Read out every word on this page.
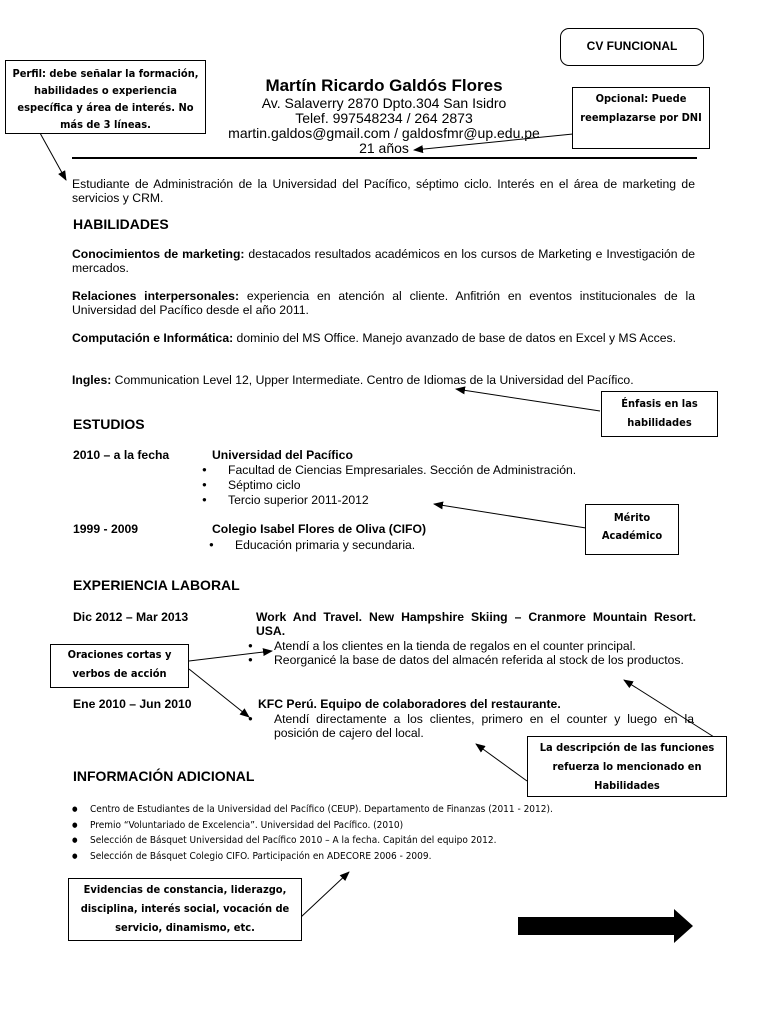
CV FUNCIONAL
Martín Ricardo Galdós Flores
Av. Salaverry 2870 Dpto.304 San Isidro
Telef. 997548234 / 264 2873
martin.galdos@gmail.com / galdosfmr@up.edu.pe
21 años
Perfil: debe señalar la formación, habilidades o experiencia específica y área de interés. No más de 3 líneas.
Opcional: Puede reemplazarse por DNI
Estudiante de Administración de la Universidad del Pacífico, séptimo ciclo. Interés en el área de marketing de servicios y CRM.
HABILIDADES
Conocimientos de marketing: destacados resultados académicos en los cursos de Marketing e Investigación de mercados.
Relaciones interpersonales: experiencia en atención al cliente. Anfitrión en eventos institucionales de la Universidad del Pacífico desde el año 2011.
Computación e Informática: dominio del MS Office. Manejo avanzado de base de datos en Excel y MS Acces.
Ingles: Communication Level 12, Upper Intermediate. Centro de Idiomas de la Universidad del Pacífico.
Énfasis en las habilidades
ESTUDIOS
2010 – a la fecha	Universidad del Pacífico
● Facultad de Ciencias Empresariales. Sección de Administración.
● Séptimo ciclo
● Tercio superior 2011-2012
1999 - 2009	Colegio Isabel Flores de Oliva (CIFO)
● Educación primaria y secundaria.
Mérito Académico
EXPERIENCIA LABORAL
Dic 2012 – Mar 2013	Work And Travel. New Hampshire Skiing – Cranmore Mountain Resort. USA.
● Atendí a los clientes en la tienda de regalos en el counter principal.
● Reorganicé la base de datos del almacén referida al stock de los productos.
Ene 2010 – Jun 2010	KFC Perú. Equipo de colaboradores del restaurante.
● Atendí directamente a los clientes, primero en el counter y luego en la posición de cajero del local.
Oraciones cortas y verbos de acción
La descripción de las funciones refuerza lo mencionado en Habilidades
INFORMACIÓN ADICIONAL
● Centro de Estudiantes de la Universidad del Pacífico (CEUP). Departamento de Finanzas (2011 - 2012).
● Premio “Voluntariado de Excelencia”. Universidad del Pacífico. (2010)
● Selección de Básquet Universidad del Pacífico 2010 – A la fecha. Capitán del equipo 2012.
● Selección de Básquet Colegio CIFO. Participación en ADECORE 2006 - 2009.
Evidencias de constancia, liderazgo, disciplina, interés social, vocación de servicio, dinamismo, etc.
